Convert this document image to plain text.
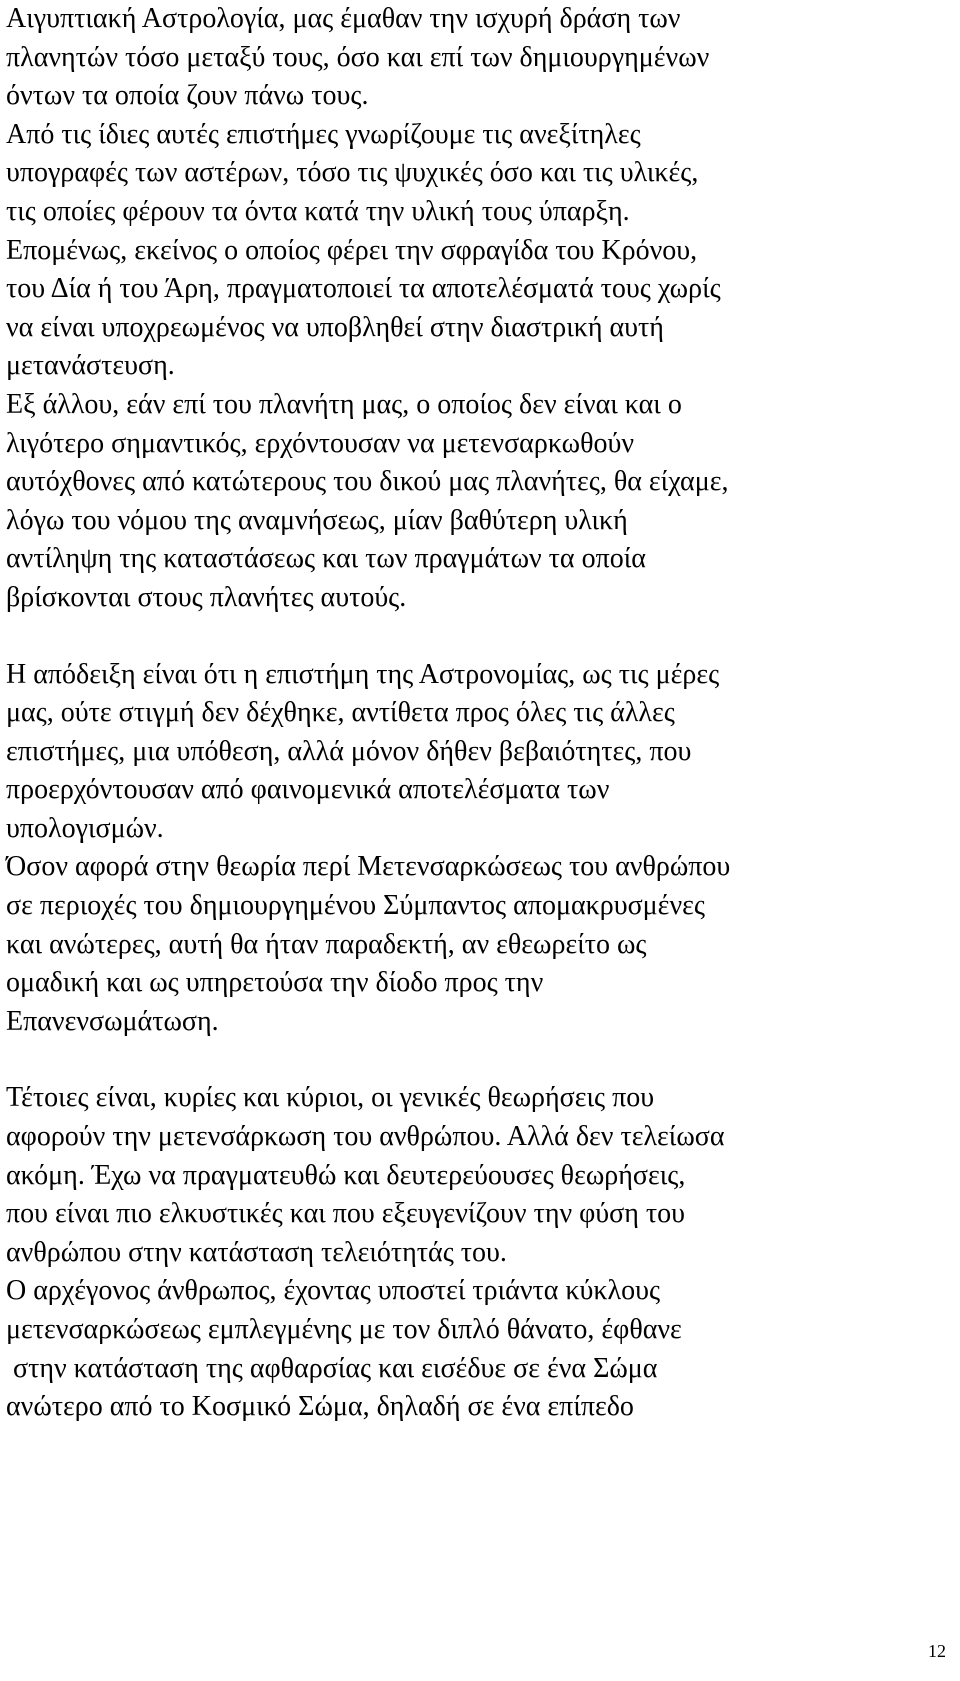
Αιγυπτιακή Αστρολογία, μας έμαθαν την ισχυρή δράση των
πλανητών τόσο μεταξύ τους, όσο και επί των δημιουργημένων
όντων τα οποία ζουν πάνω τους.
Από τις ίδιες αυτές επιστήμες γνωρίζουμε τις ανεξίτηλες
υπογραφές των αστέρων, τόσο τις ψυχικές όσο και τις υλικές,
τις οποίες φέρουν τα όντα κατά την υλική τους ύπαρξη.
Επομένως, εκείνος ο οποίος φέρει την σφραγίδα του Κρόνου,
του Δία ή του Άρη, πραγματοποιεί τα αποτελέσματά τους χωρίς
να είναι υποχρεωμένος να υποβληθεί στην διαστρική αυτή
μετανάστευση.
Εξ άλλου, εάν επί του πλανήτη μας, ο οποίος δεν είναι και ο
λιγότερο σημαντικός, ερχόντουσαν να μετενσαρκωθούν
αυτόχθονες από κατώτερους του δικού μας πλανήτες, θα είχαμε,
λόγω του νόμου της αναμνήσεως, μίαν βαθύτερη υλική
αντίληψη της καταστάσεως και των πραγμάτων τα οποία
βρίσκονται στους πλανήτες αυτούς.
Η απόδειξη είναι ότι η επιστήμη της Αστρονομίας, ως τις μέρες
μας, ούτε στιγμή δεν δέχθηκε, αντίθετα προς όλες τις άλλες
επιστήμες, μια υπόθεση, αλλά μόνον δήθεν βεβαιότητες, που
προερχόντουσαν από φαινομενικά αποτελέσματα των
υπολογισμών.
Όσον αφορά στην θεωρία περί Μετενσαρκώσεως του ανθρώπου
σε περιοχές του δημιουργημένου Σύμπαντος απομακρυσμένες
και ανώτερες, αυτή θα ήταν παραδεκτή, αν εθεωρείτο ως
ομαδική και ως υπηρετούσα την δίοδο προς την
Επανενσωμάτωση.
Τέτοιες είναι, κυρίες και κύριοι, οι γενικές θεωρήσεις που
αφορούν την μετενσάρκωση του ανθρώπου. Αλλά δεν τελείωσα
ακόμη. Έχω να πραγματευθώ και δευτερεύουσες θεωρήσεις,
που είναι πιο ελκυστικές και που εξευγενίζουν την φύση του
ανθρώπου στην κατάσταση τελειότητάς του.
Ο αρχέγονος άνθρωπος, έχοντας υποστεί τριάντα κύκλους
μετενσαρκώσεως εμπλεγμένης με τον διπλό θάνατο, έφθανε
στην κατάσταση της αφθαρσίας και εισέδυε σε ένα Σώμα
ανώτερο από το Κοσμικό Σώμα, δηλαδή σε ένα επίπεδο
12
